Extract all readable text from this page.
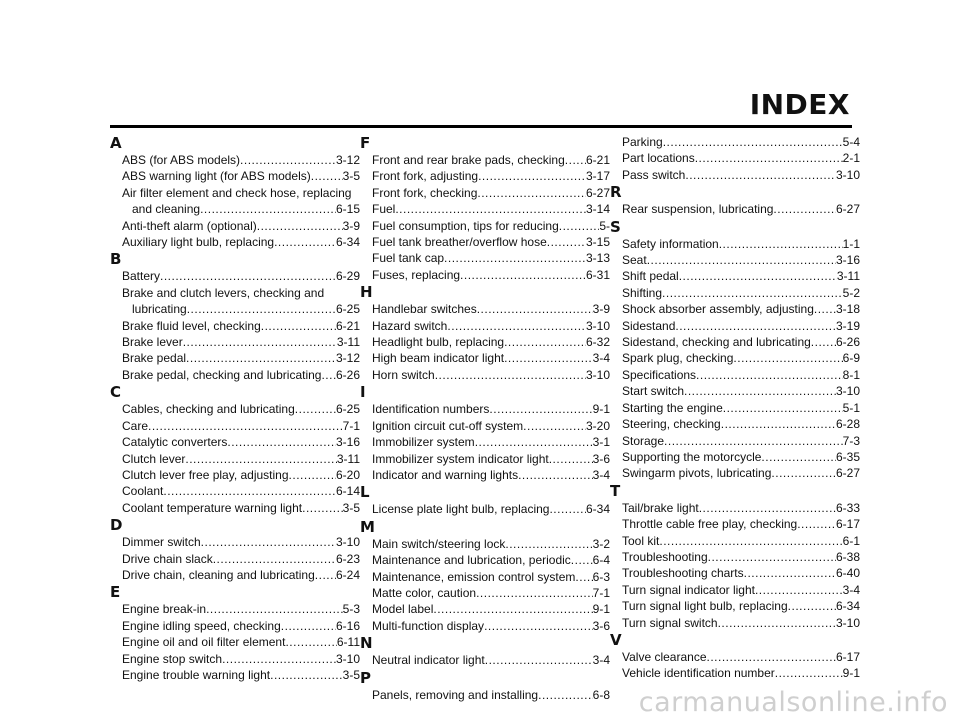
INDEX
A
ABS (for ABS models) .....	3-12
ABS warning light (for ABS models) .....	3-5
Air filter element and check hose, replacing
and cleaning .....	6-15
Anti-theft alarm (optional) .....	3-9
Auxiliary light bulb, replacing .....	6-34
B
Battery .....	6-29
Brake and clutch levers, checking and
lubricating .....	6-25
Brake fluid level, checking .....	6-21
Brake lever .....	3-11
Brake pedal .....	3-12
Brake pedal, checking and lubricating ..... 6-26
C
Cables, checking and lubricating .....	6-25
Care .....	7-1
Catalytic converters .....	3-16
Clutch lever .....	3-11
Clutch lever free play, adjusting .....	6-20
Coolant .....	6-14
Coolant temperature warning light .....	3-5
D
Dimmer switch .....	3-10
Drive chain slack .....	6-23
Drive chain, cleaning and lubricating ..... 6-24
E
Engine break-in .....	5-3
Engine idling speed, checking .....	6-16
Engine oil and oil filter element .....	6-11
Engine stop switch .....	3-10
Engine trouble warning light .....	3-5
F
Front and rear brake pads, checking ..... 6-21
Front fork, adjusting .....	3-17
Front fork, checking .....	6-27
Fuel .....	3-14
Fuel consumption, tips for reducing .....	5-
Fuel tank breather/overflow hose .....	3-15
Fuel tank cap .....	3-13
Fuses, replacing .....	6-31
H
Handlebar switches .....	3-9
Hazard switch .....	3-10
Headlight bulb, replacing .....	6-32
High beam indicator light .....	3-4
Horn switch .....	3-10
I
Identification numbers .....	9-1
Ignition circuit cut-off system .....	3-20
Immobilizer system .....	3-1
Immobilizer system indicator light .....	3-6
Indicator and warning lights .....	3-4
L
License plate light bulb, replacing .....	6-34
M
Main switch/steering lock .....	3-2
Maintenance and lubrication, periodic ..... 6-4
Maintenance, emission control system ..... 6-3
Matte color, caution .....	7-1
Model label .....	9-1
Multi-function display .....	3-6
N
Neutral indicator light .....	3-4
P
Panels, removing and installing .....	6-8
Parking .....	5-4
Part locations .....	2-1
Pass switch .....	3-10
R
Rear suspension, lubricating .....	6-27
S
Safety information .....	1-1
Seat .....	3-16
Shift pedal .....	3-11
Shifting .....	5-2
Shock absorber assembly, adjusting ..... 3-18
Sidestand .....	3-19
Sidestand, checking and lubricating ..... 6-26
Spark plug, checking .....	6-9
Specifications .....	8-1
Start switch .....	3-10
Starting the engine .....	5-1
Steering, checking .....	6-28
Storage .....	7-3
Supporting the motorcycle .....	6-35
Swingarm pivots, lubricating .....	6-27
T
Tail/brake light .....	6-33
Throttle cable free play, checking .....	6-17
Tool kit .....	6-1
Troubleshooting .....	6-38
Troubleshooting charts .....	6-40
Turn signal indicator light .....	3-4
Turn signal light bulb, replacing .....	6-34
Turn signal switch .....	3-10
V
Valve clearance .....	6-17
Vehicle identification number .....	9-1

carmanualsonline.info
